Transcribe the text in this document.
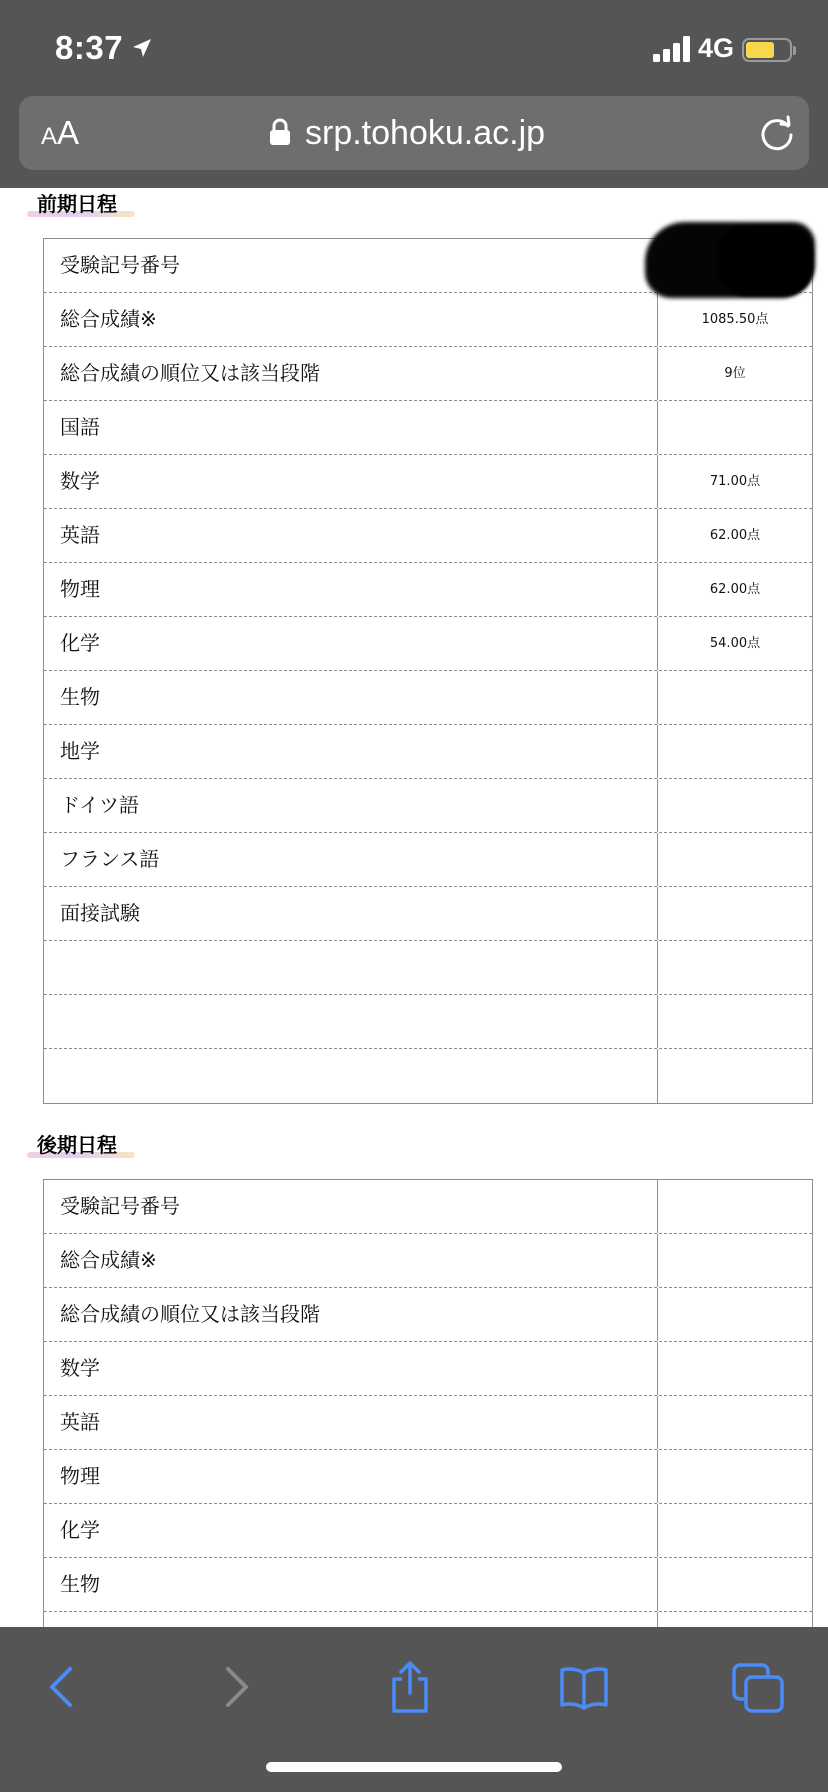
8:37	4G
AA	srp.tohoku.ac.jp
前期日程
受験記号番号
総合成績※	1085.50点
総合成績の順位又は該当段階	9位
国語
数学	71.00点
英語	62.00点
物理	62.00点
化学	54.00点
生物
地学
ドイツ語
フランス語
面接試験
後期日程
受験記号番号
総合成績※
総合成績の順位又は該当段階
数学
英語
物理
化学
生物
